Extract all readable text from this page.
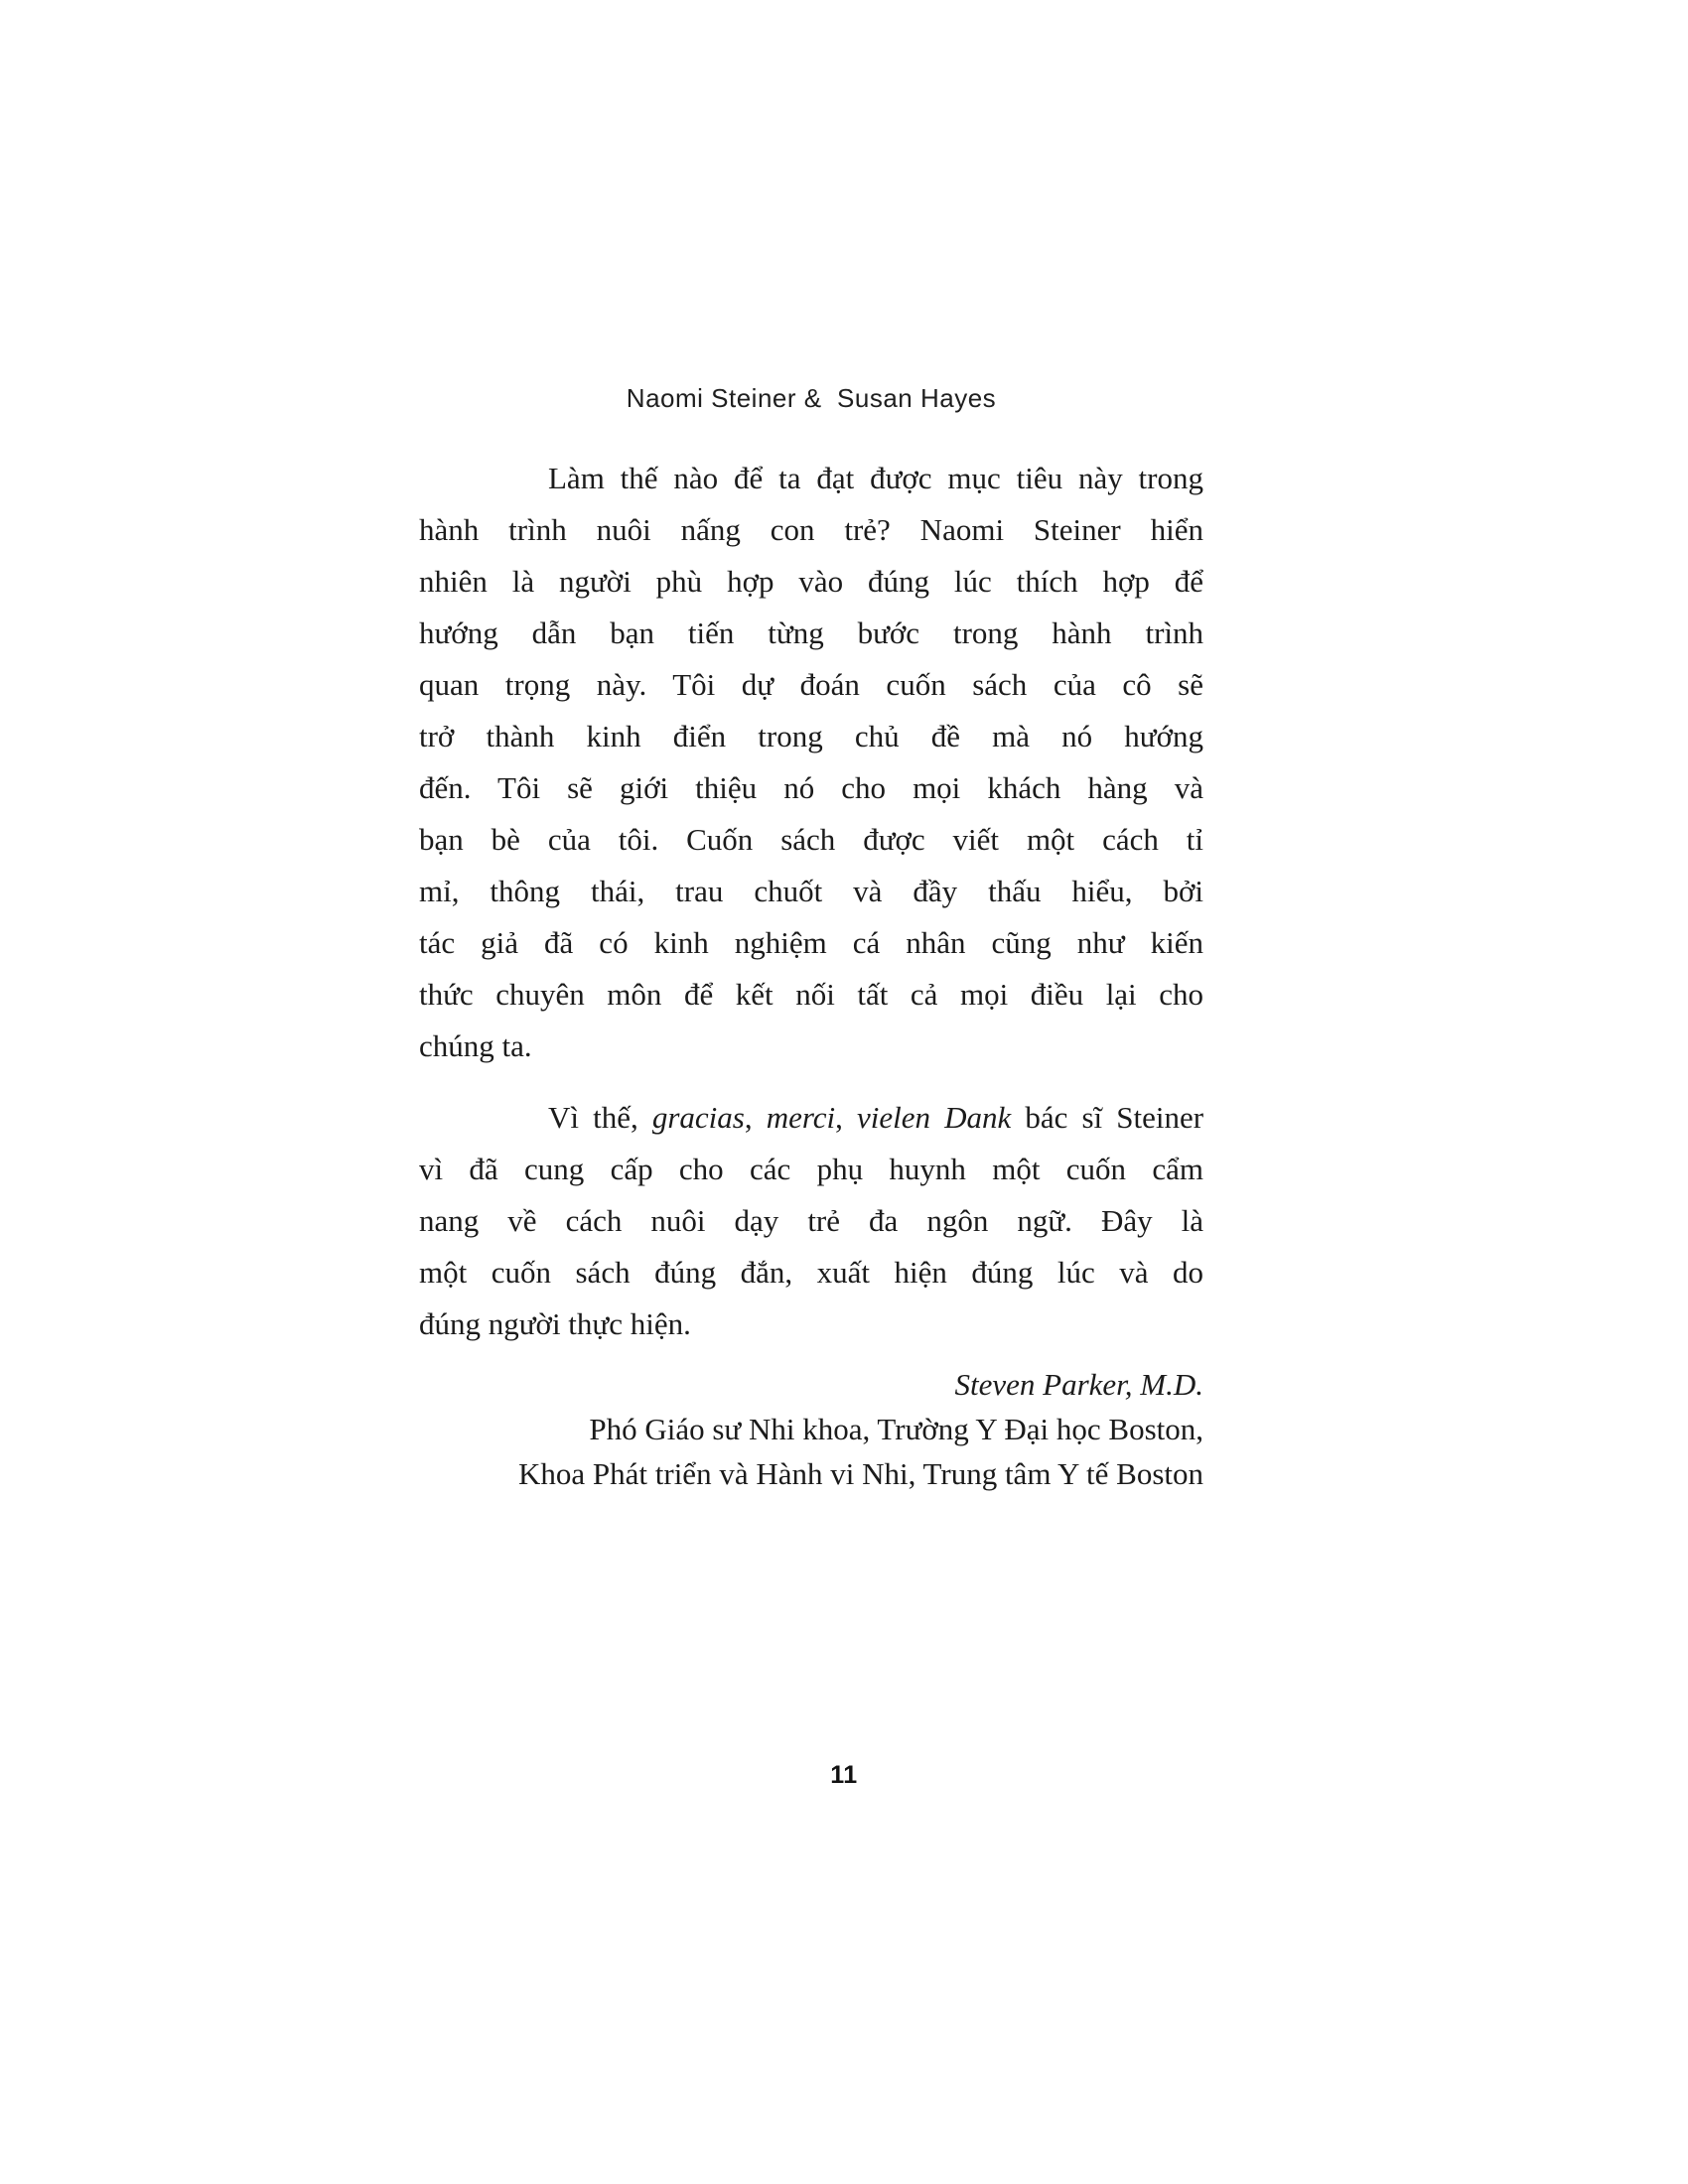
Naomi Steiner &  Susan Hayes
Làm thế nào để ta đạt được mục tiêu này trong
hành trình nuôi nấng con trẻ? Naomi Steiner hiển
nhiên là người phù hợp vào đúng lúc thích hợp để
hướng dẫn bạn tiến từng bước trong hành trình
quan trọng này. Tôi dự đoán cuốn sách của cô sẽ
trở thành kinh điển trong chủ đề mà nó hướng
đến. Tôi sẽ giới thiệu nó cho mọi khách hàng và
bạn bè của tôi. Cuốn sách được viết một cách tỉ
mỉ, thông thái, trau chuốt và đầy thấu hiểu, bởi
tác giả đã có kinh nghiệm cá nhân cũng như kiến
thức chuyên môn để kết nối tất cả mọi điều lại cho
chúng ta.
Vì thế, gracias, merci, vielen Dank bác sĩ Steiner
vì đã cung cấp cho các phụ huynh một cuốn cẩm
nang về cách nuôi dạy trẻ đa ngôn ngữ. Đây là
một cuốn sách đúng đắn, xuất hiện đúng lúc và do
đúng người thực hiện.
Steven Parker, M.D.
Phó Giáo sư Nhi khoa, Trường Y Đại học Boston,
Khoa Phát triển và Hành vi Nhi, Trung tâm Y tế Boston
11
